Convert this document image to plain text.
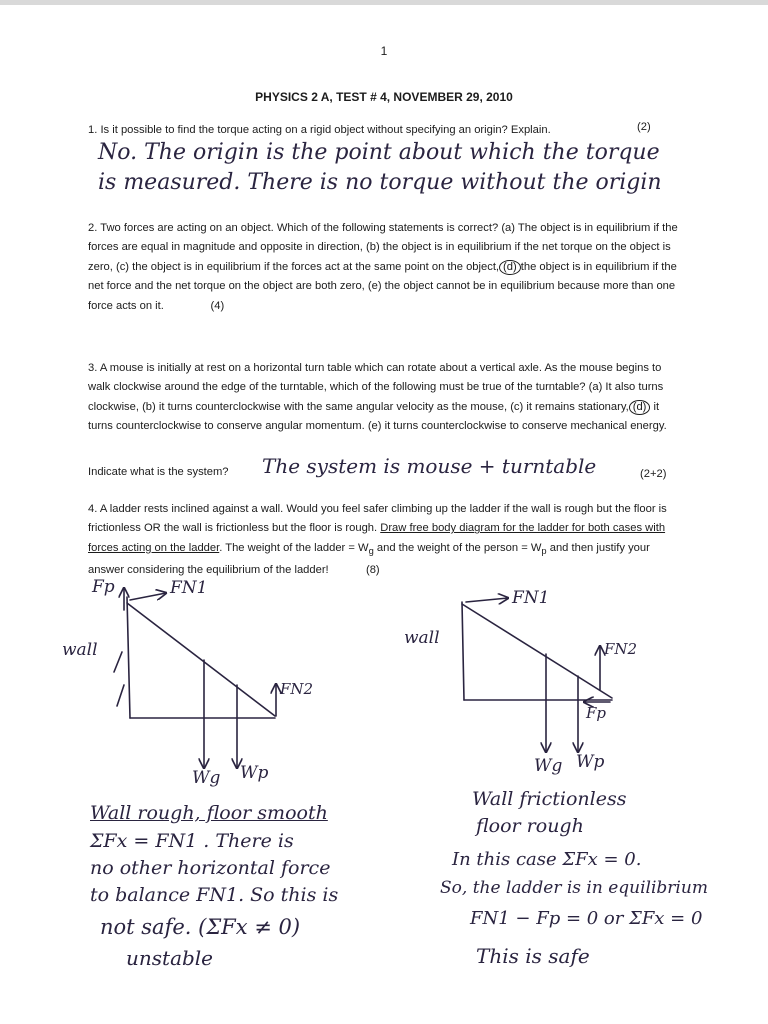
1
PHYSICS 2 A, TEST # 4, NOVEMBER 29, 2010
1. Is it possible to find the torque acting on a rigid object without specifying an origin? Explain.	(2)
No. The origin is the point about which the torque
is measured. There is no torque without the origin
2. Two forces are acting on an object. Which of the following statements is correct? (a) The object is in equilibrium if the forces are equal in magnitude and opposite in direction, (b) the object is in equilibrium if the net torque on the object is zero, (c) the object is in equilibrium if the forces act at the same point on the object, (d) the object is in equilibrium if the net force and the net torque on the object are both zero, (e) the object cannot be in equilibrium because more than one force acts on it.	(4)
3. A mouse is initially at rest on a horizontal turn table which can rotate about a vertical axle. As the mouse begins to walk clockwise around the edge of the turntable, which of the following must be true of the turntable? (a) It also turns clockwise, (b) it turns counterclockwise with the same angular velocity as the mouse, (c) it remains stationary, (d) it turns counterclockwise to conserve angular momentum. (e) it turns counterclockwise to conserve mechanical energy.
Indicate what is the system? The system is mouse + turntable	(2+2)
4. A ladder rests inclined against a wall. Would you feel safer climbing up the ladder if the wall is rough but the floor is frictionless OR the wall is frictionless but the floor is rough. Draw free body diagram for the ladder for both cases with forces acting on the ladder. The weight of the ladder = $W_g$ and the weight of the person = $W_p$ and then justify your answer considering the equilibrium of the ladder!	(8)
Fp	FN1
wall
FN2
Wg Wp
Wall rough, floor smooth
ΣFx = FN1 . There is
no other horizontal force
to balance FN1. So this is
not safe. (ΣFx ≠ 0)
unstable
FN1
wall
FN2
Fp
Wg Wp
Wall frictionless
floor rough
In this case ΣFx = 0.
So, the ladder is in equilibrium
FN1 − Fp = 0 or ΣFx = 0
This is safe
